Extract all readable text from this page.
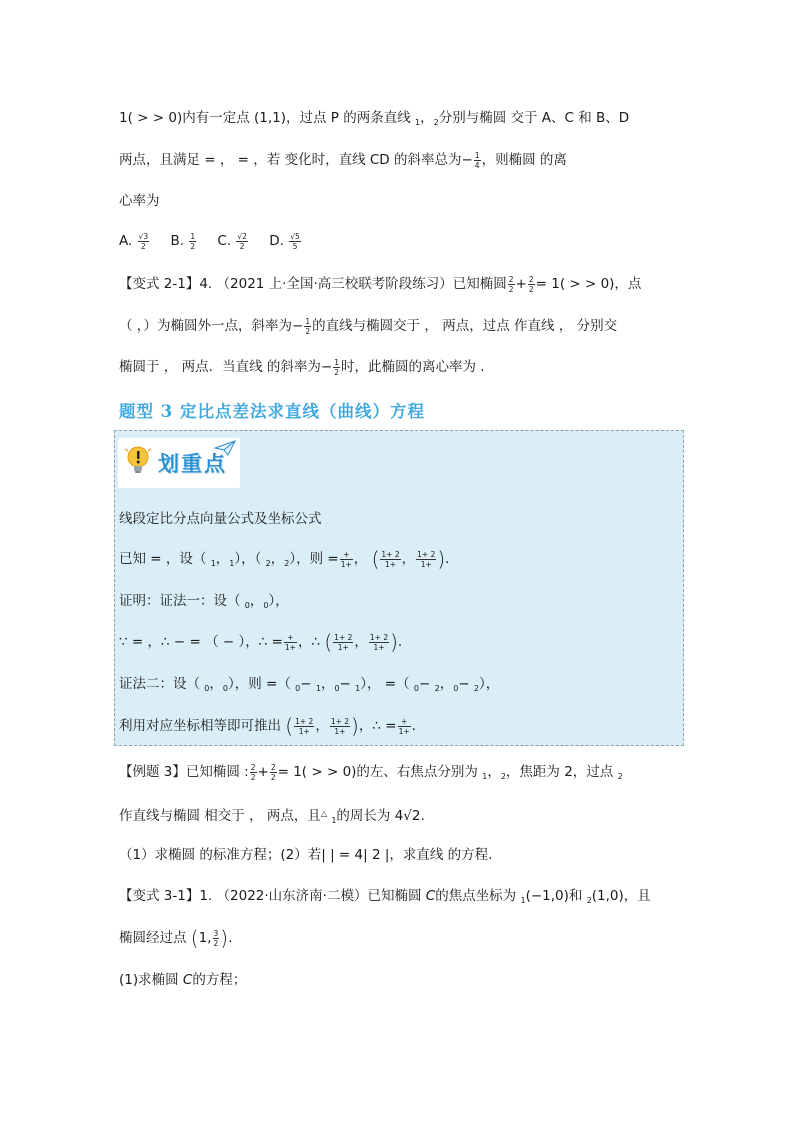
1( > > 0)内有一定点 (1,1)，过点 P 的两条直线 $_1$，$_2$分别与椭圆 交于 A、C 和 B、D
两点，且满足 = ， = ，若 变化时，直线 CD 的斜率总为− $\frac{1}{4}$ ，则椭圆 的离
心率为
A. $\frac{√3}{2} B$. $\frac{1}{2} C$. $\frac{√2}{2} D$. $\frac{√5}{5}$
【变式 2-1】4. （2021 上·全国·高三校联考阶段练习）已知椭圆 $\frac{2}{2} + \frac{2}{2} = 1$( > > 0)，点
（ ，）为椭圆外一点，斜率为− $\frac{1}{2}$ 的直线与椭圆交于 ， 两点，过点 作直线 ， 分别交
椭圆于 ， 两点．当直线 的斜率为− $\frac{1}{2}$ 时，此椭圆的离心率为 .
题型 3 定比点差法求直线（曲线）方程
划重点
线段定比分点向量公式及坐标公式
已知 = ，设（ $_1$，$_1$），（ $_2$，$_2$），则 = $\frac{+}{1+}$ ， ( $\frac{1+ 2}{1+}$ ， $\frac{1+ 2}{1+}$ ).
证明：证法一：设（ $_0$，$_0$），
∵ = ，∴ − = （ − ），∴ = $\frac{+}{1+}$ ，∴ ( $\frac{1+ 2}{1+}$ ， $\frac{1+ 2}{1+}$ ).
证法二：设（ $_0$，$_0$），则 =（ $_0$− $_1$，$_0$− $_1$）， =（ $_0$− $_2$，$_0$− $_2$），
利用对应坐标相等即可推出 ( $\frac{1+ 2}{1+}$ ， $\frac{1+ 2}{1+}$ )，∴ = $\frac{+}{1+}$ .
【例题 3】已知椭圆 : $\frac{2}{2} + \frac{2}{2} = 1$( > > 0)的左、右焦点分别为 $_1$，$_2$，焦距为 2，过点 $_2$
作直线与椭圆 相交于 ， 两点，且△ $_1$的周长为 4√2.
（1）求椭圆 的标准方程；(2）若| | = 4| 2 |，求直线 的方程.
【变式 3-1】1. （2022·山东济南·二模）已知椭圆 C的焦点坐标为 $_1$(−1,0)和 $_2$(1,0)，且
椭圆经过点 (1, $\frac{3}{2}$ ).
(1)求椭圆 C的方程；
